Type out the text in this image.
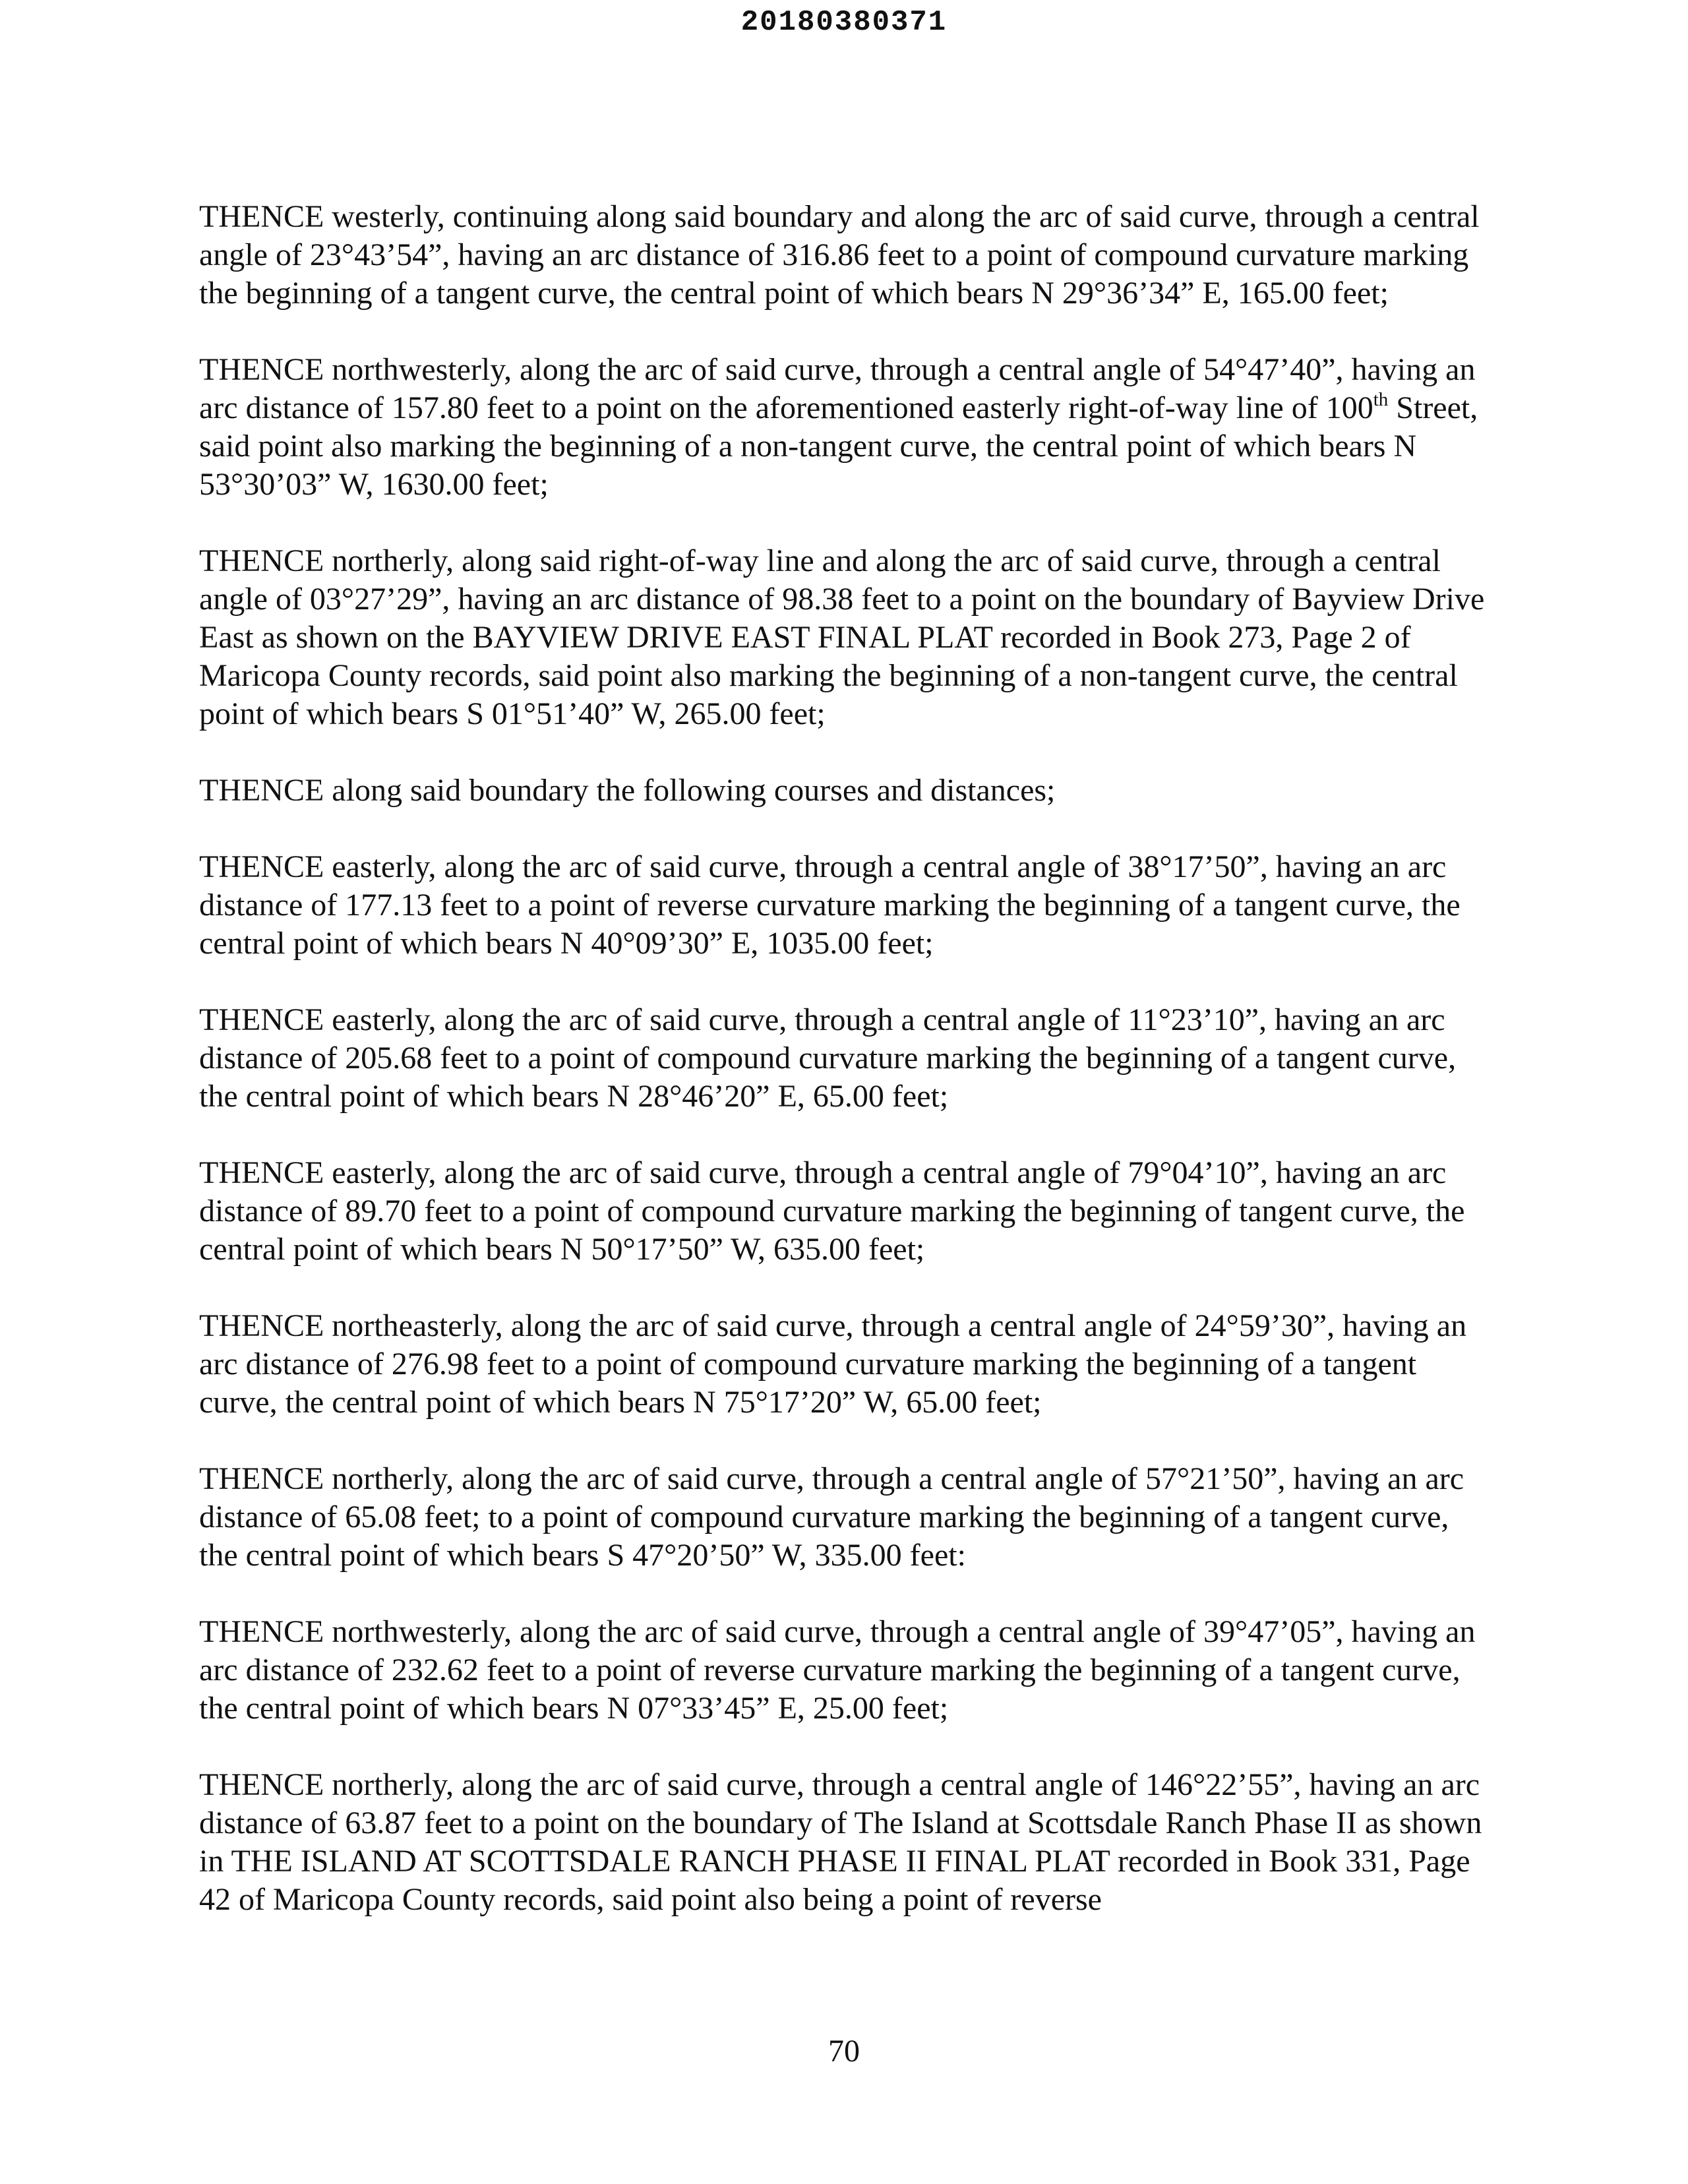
20180380371

THENCE westerly, continuing along said boundary and along the arc of said curve, through a central angle of 23°43’54”, having an arc distance of 316.86 feet to a point of compound curvature marking the beginning of a tangent curve, the central point of which bears N 29°36’34” E, 165.00 feet;

THENCE northwesterly, along the arc of said curve, through a central angle of 54°47’40”, having an arc distance of 157.80 feet to a point on the aforementioned easterly right-of-way line of 100th Street, said point also marking the beginning of a non-tangent curve, the central point of which bears N 53°30’03” W, 1630.00 feet;

THENCE northerly, along said right-of-way line and along the arc of said curve, through a central angle of 03°27’29”, having an arc distance of 98.38 feet to a point on the boundary of Bayview Drive East as shown on the BAYVIEW DRIVE EAST FINAL PLAT recorded in Book 273, Page 2 of Maricopa County records, said point also marking the beginning of a non-tangent curve, the central point of which bears S 01°51’40” W, 265.00 feet;

THENCE along said boundary the following courses and distances;

THENCE easterly, along the arc of said curve, through a central angle of 38°17’50”, having an arc distance of 177.13 feet to a point of reverse curvature marking the beginning of a tangent curve, the central point of which bears N 40°09’30” E, 1035.00 feet;

THENCE easterly, along the arc of said curve, through a central angle of 11°23’10”, having an arc distance of 205.68 feet to a point of compound curvature marking the beginning of a tangent curve, the central point of which bears N 28°46’20” E, 65.00 feet;

THENCE easterly, along the arc of said curve, through a central angle of 79°04’10”, having an arc distance of 89.70 feet to a point of compound curvature marking the beginning of tangent curve, the central point of which bears N 50°17’50” W, 635.00 feet;

THENCE northeasterly, along the arc of said curve, through a central angle of 24°59’30”, having an arc distance of 276.98 feet to a point of compound curvature marking the beginning of a tangent curve, the central point of which bears N 75°17’20” W, 65.00 feet;

THENCE northerly, along the arc of said curve, through a central angle of 57°21’50”, having an arc distance of 65.08 feet; to a point of compound curvature marking the beginning of a tangent curve, the central point of which bears S 47°20’50” W, 335.00 feet:

THENCE northwesterly, along the arc of said curve, through a central angle of 39°47’05”, having an arc distance of 232.62 feet to a point of reverse curvature marking the beginning of a tangent curve, the central point of which bears N 07°33’45” E, 25.00 feet;

THENCE northerly, along the arc of said curve, through a central angle of 146°22’55”, having an arc distance of 63.87 feet to a point on the boundary of The Island at Scottsdale Ranch Phase II as shown in THE ISLAND AT SCOTTSDALE RANCH PHASE II FINAL PLAT recorded in Book 331, Page 42 of Maricopa County records, said point also being a point of reverse

70
